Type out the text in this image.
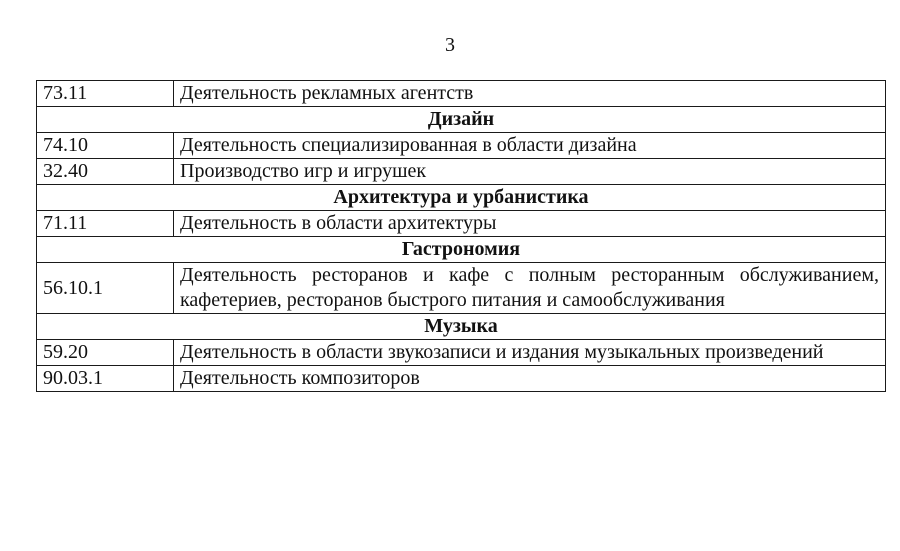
3
73.11	Деятельность рекламных агентств
Дизайн	
74.10	Деятельность специализированная в области дизайна
32.40	Производство игр и игрушек
Архитектура и урбанистика	
71.11	Деятельность в области архитектуры
Гастрономия	
56.10.1	Деятельность ресторанов и кафе с полным ресторанным обслуживанием, кафетериев, ресторанов быстрого питания и самообслуживания
Музыка	
59.20	Деятельность в области звукозаписи и издания музыкальных произведений
90.03.1	Деятельность композиторов
